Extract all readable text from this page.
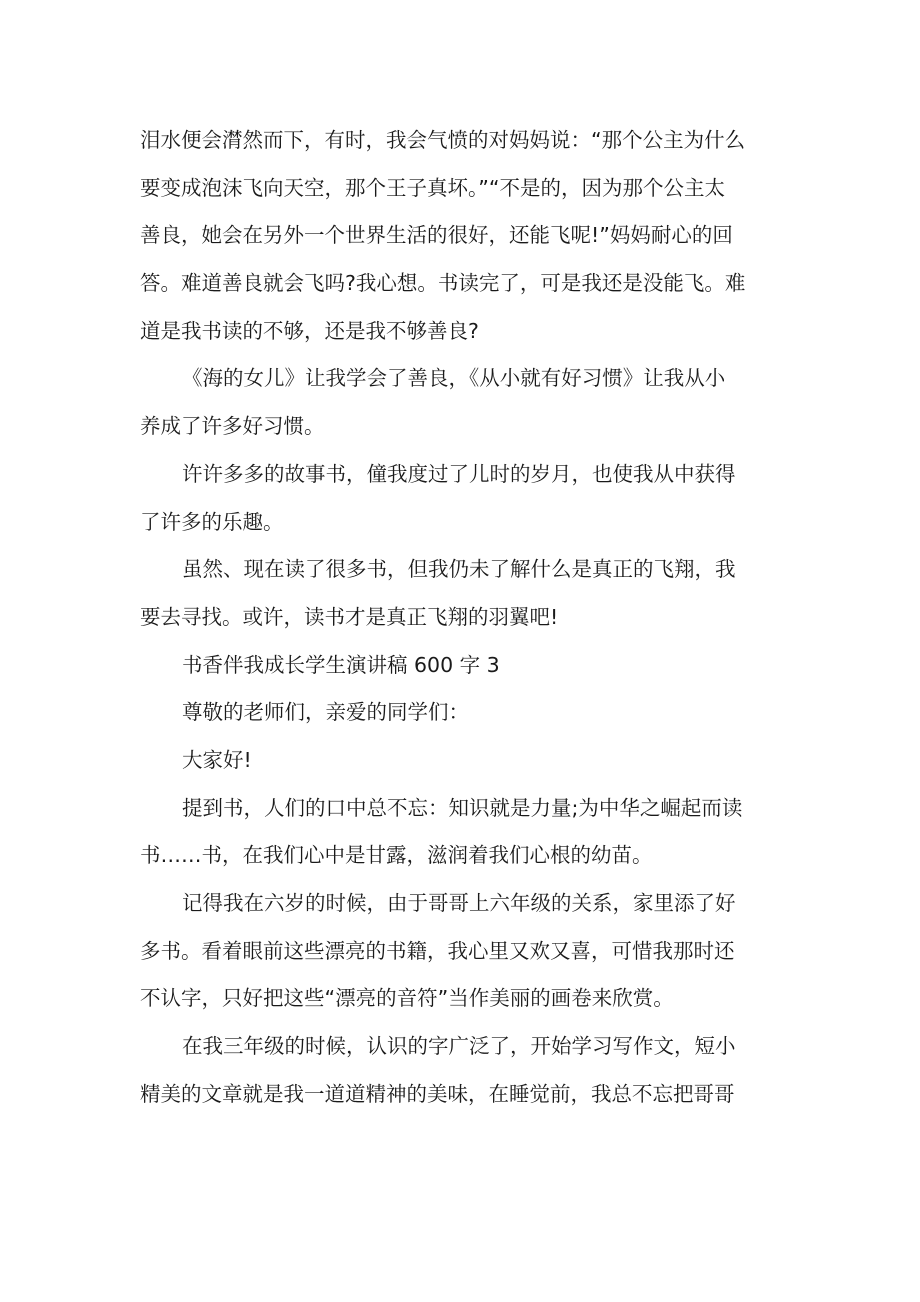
泪水便会潸然而下，有时，我会气愤的对妈妈说：“那个公主为什么
要变成泡沫飞向天空，那个王子真坏。”“不是的，因为那个公主太
善良，她会在另外一个世界生活的很好，还能飞呢!”妈妈耐心的回
答。难道善良就会飞吗?我心想。书读完了，可是我还是没能飞。难
道是我书读的不够，还是我不够善良?
《海的女儿》让我学会了善良，《从小就有好习惯》让我从小
养成了许多好习惯。
许许多多的故事书，僮我度过了儿时的岁月，也使我从中获得
了许多的乐趣。
虽然、现在读了很多书，但我仍未了解什么是真正的飞翔，我
要去寻找。或许，读书才是真正飞翔的羽翼吧!
书香伴我成长学生演讲稿 600 字 3
尊敬的老师们，亲爱的同学们：
大家好!
提到书，人们的口中总不忘：知识就是力量;为中华之崛起而读
书……书，在我们心中是甘露，滋润着我们心根的幼苗。
记得我在六岁的时候，由于哥哥上六年级的关系，家里添了好
多书。看着眼前这些漂亮的书籍，我心里又欢又喜，可惜我那时还
不认字，只好把这些“漂亮的音符”当作美丽的画卷来欣赏。
在我三年级的时候，认识的字广泛了，开始学习写作文，短小
精美的文章就是我一道道精神的美味，在睡觉前，我总不忘把哥哥
